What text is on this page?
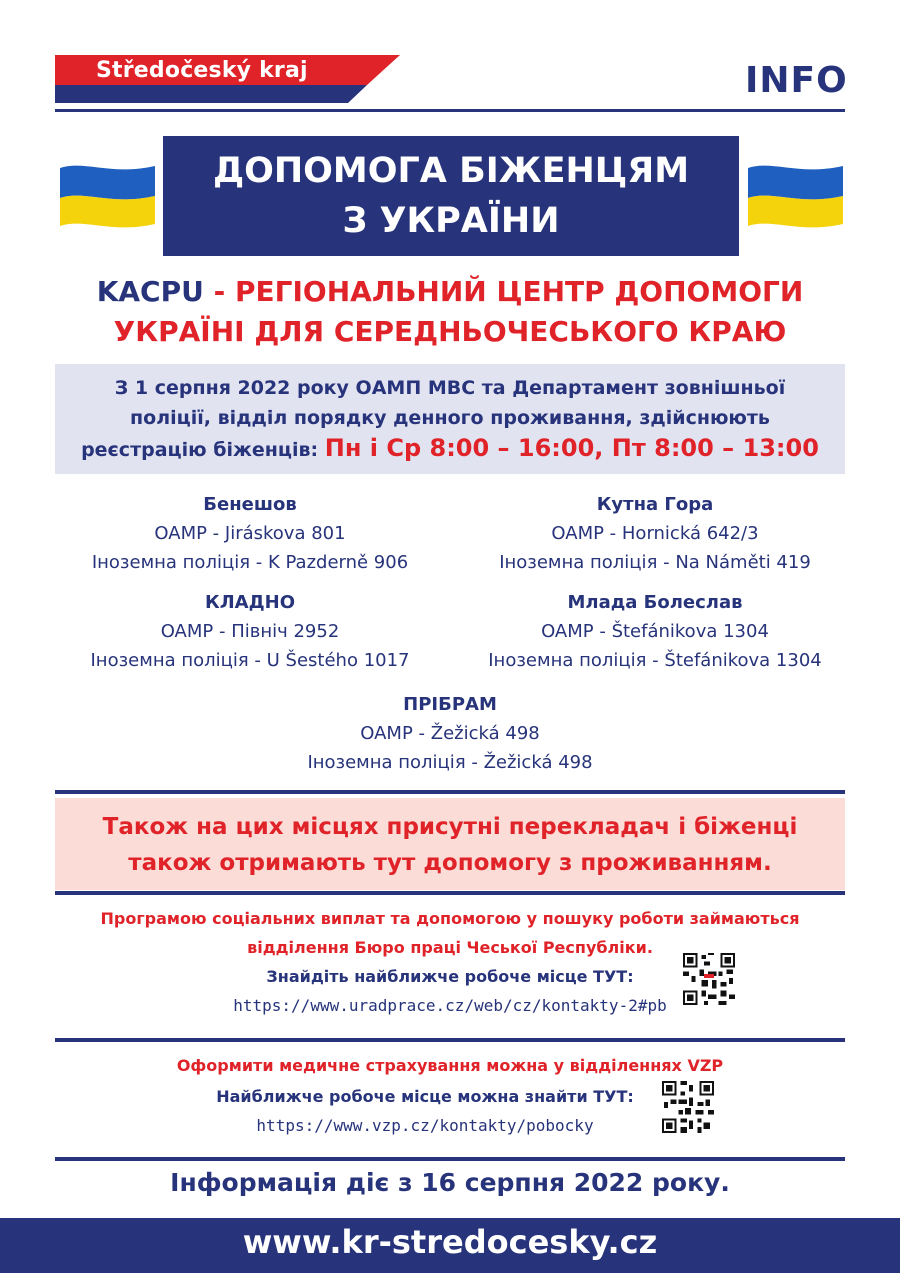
Středočeský kraj	INFO
ДОПОМОГА БІЖЕНЦЯМ
З УКРАЇНИ
KACPU - РЕГІОНАЛЬНИЙ ЦЕНТР ДОПОМОГИ
УКРАЇНІ ДЛЯ СЕРЕДНЬОЧЕСЬКОГО КРАЮ
З 1 серпня 2022 року ОАМП МВС та Департамент зовнішньої
поліції, відділ порядку денного проживання, здійснюють
реєстрацію біженців: Пн і Ср 8:00 – 16:00, Пт 8:00 – 13:00
Бенешов
OAMP - Jiráskova 801
Іноземна поліція - K Pazderně 906
Кутна Гора
OAMP - Hornická 642/3
Іноземна поліція - Na Náměti 419
КЛАДНО
OAMP - Північ 2952
Іноземна поліція - U Šestého 1017
Млада Болеслав
OAMP - Štefánikova 1304
Іноземна поліція - Štefánikova 1304
ПРІБРАМ
OAMP - Žežická 498
Іноземна поліція - Žežická 498
Також на цих місцях присутні перекладач і біженці
також отримають тут допомогу з проживанням.
Програмою соціальних виплат та допомогою у пошуку роботи займаються
відділення Бюро праці Чеської Республіки.
Знайдіть найближче робоче місце ТУТ:
https://www.uradprace.cz/web/cz/kontakty-2#pb
Оформити медичне страхування можна у відділеннях VZP
Найближче робоче місце можна знайти ТУТ:
https://www.vzp.cz/kontakty/pobocky
Інформація діє з 16 серпня 2022 року.
www.kr-stredocesky.cz
